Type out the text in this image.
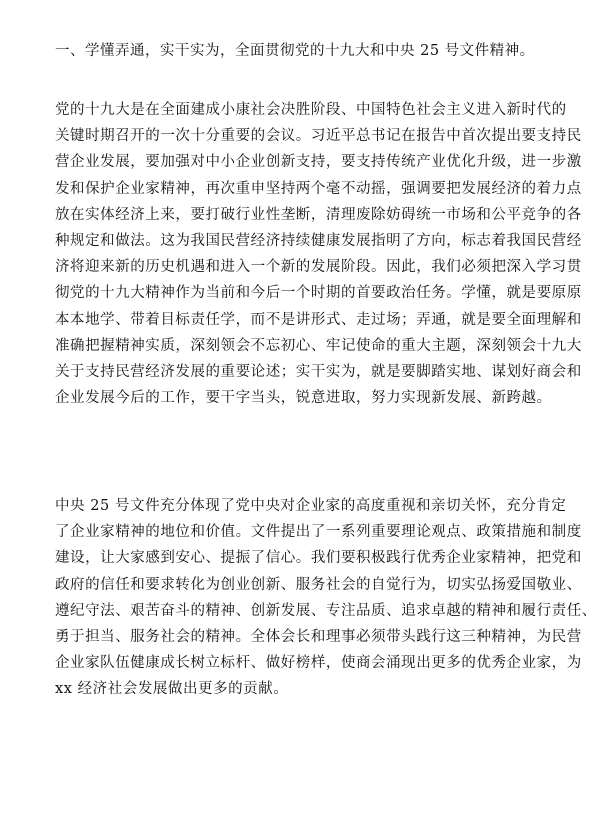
一、学懂弄通，实干实为，全面贯彻党的十九大和中央 25 号文件精神。
党的十九大是在全面建成小康社会决胜阶段、中国特色社会主义进入新时代的
关键时期召开的一次十分重要的会议。习近平总书记在报告中首次提出要支持民
营企业发展，要加强对中小企业创新支持，要支持传统产业优化升级，进一步激
发和保护企业家精神，再次重申坚持两个毫不动摇，强调要把发展经济的着力点
放在实体经济上来，要打破行业性垄断，清理废除妨碍统一市场和公平竞争的各
种规定和做法。这为我国民营经济持续健康发展指明了方向，标志着我国民营经
济将迎来新的历史机遇和进入一个新的发展阶段。因此，我们必须把深入学习贯
彻党的十九大精神作为当前和今后一个时期的首要政治任务。学懂，就是要原原
本本地学、带着目标责任学，而不是讲形式、走过场；弄通，就是要全面理解和
准确把握精神实质，深刻领会不忘初心、牢记使命的重大主题，深刻领会十九大
关于支持民营经济发展的重要论述；实干实为，就是要脚踏实地、谋划好商会和
企业发展今后的工作，要干字当头，锐意进取，努力实现新发展、新跨越。
中央 25 号文件充分体现了党中央对企业家的高度重视和亲切关怀，充分肯定
了企业家精神的地位和价值。文件提出了一系列重要理论观点、政策措施和制度
建设，让大家感到安心、提振了信心。我们要积极践行优秀企业家精神，把党和
政府的信任和要求转化为创业创新、服务社会的自觉行为，切实弘扬爱国敬业、
遵纪守法、艰苦奋斗的精神、创新发展、专注品质、追求卓越的精神和履行责任、
勇于担当、服务社会的精神。全体会长和理事必须带头践行这三种精神，为民营
企业家队伍健康成长树立标杆、做好榜样，使商会涌现出更多的优秀企业家，为
xx 经济社会发展做出更多的贡献。
